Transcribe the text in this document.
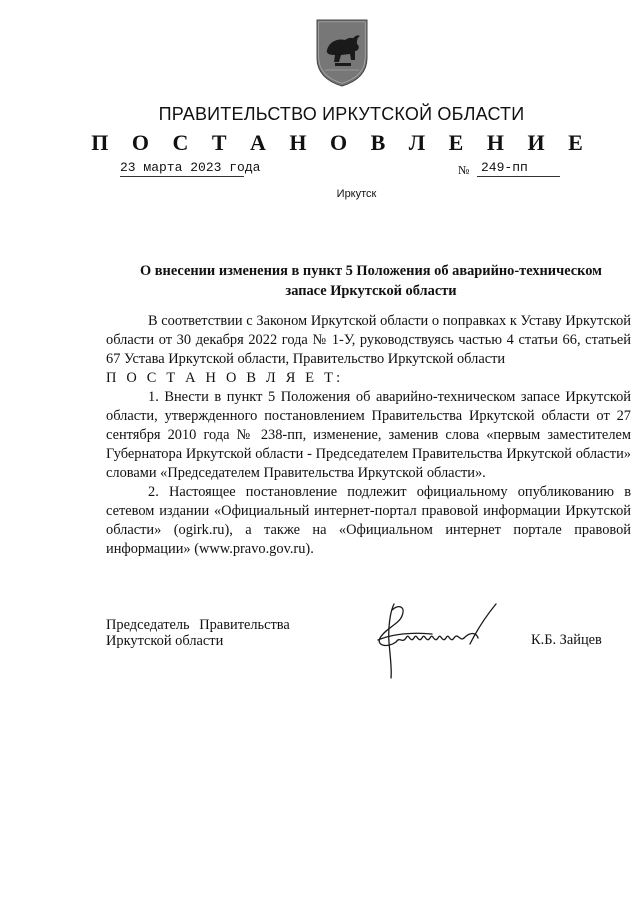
ПРАВИТЕЛЬСТВО ИРКУТСКОЙ ОБЛАСТИ
П О С Т А Н О В Л Е Н И Е
23 марта 2023 года	№ 249-пп
Иркутск
О внесении изменения в пункт 5 Положения об аварийно-техническом
запасе Иркутской области

В соответствии с Законом Иркутской области о поправках к Уставу Иркутской области от 30 декабря 2022 года № 1-У, руководствуясь частью 4 статьи 66, статьей 67 Устава Иркутской области, Правительство Иркутской области

П О С Т А Н О В Л Я Е Т:

1. Внести в пункт 5 Положения об аварийно-техническом запасе Иркутской области, утвержденного постановлением Правительства Иркутской области от 27 сентября 2010 года № 238-пп, изменение, заменив слова «первым заместителем Губернатора Иркутской области - Председателем Правительства Иркутской области» словами «Председателем Правительства Иркутской области».

2. Настоящее постановление подлежит официальному опубликованию в сетевом издании «Официальный интернет-портал правовой информации Иркутской области» (ogirk.ru), а также на «Официальном интернет портале правовой информации» (www.pravo.gov.ru).

Председатель Правительства
Иркутской области	К.Б. Зайцев
